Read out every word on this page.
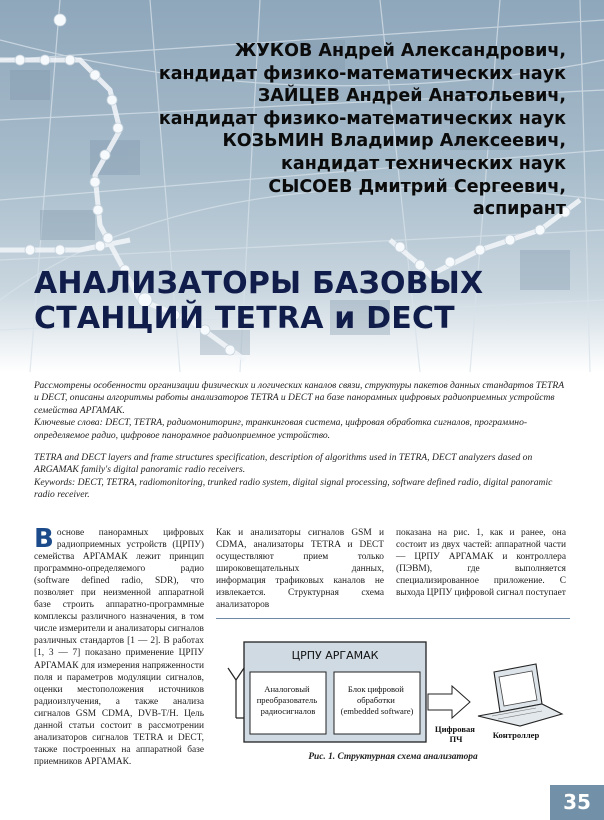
ЖУКОВ Андрей Александрович,
кандидат физико-математических наук
ЗАЙЦЕВ Андрей Анатольевич,
кандидат физико-математических наук
КОЗЬМИН Владимир Алексеевич,
кандидат технических наук
СЫСОЕВ Дмитрий Сергеевич,
аспирант
АНАЛИЗАТОРЫ БАЗОВЫХ
СТАНЦИЙ TETRA и DECT

Рассмотрены особенности организации физических и логических каналов связи, структуры пакетов данных стандартов TETRA и DECT, описаны алгоритмы работы анализаторов TETRA и DECT на базе панорамных цифровых радиоприемных устройств семейства АРГАМАК.

Ключевые слова: DECT, TETRA, радиомониторинг, транкинговая система, цифровая обработка сигналов, программно-определяемое радио, цифровое панорамное радиоприемное устройство.

TETRA and DECT layers and frame structures specification, description of algorithms used in TETRA, DECT analyzers dased on ARGAMAK family's digital panoramic radio receivers.

Keywords: DECT, TETRA, radiomonitoring, trunked radio system, digital signal processing, software defined radio, digital panoramic radio receiver.

Воснове панорамных цифровых радиоприемных устройств (ЦРПУ) семейства АРГАМАК лежит принцип программно-определяемого радио (software defined radio, SDR), что позволяет при неизменной аппаратной базе строить аппаратно-программные комплексы различного назначения, в том числе измерители и анализаторы сигналов различных стандартов [1 — 2]. В работах [1, 3 — 7] показано применение ЦРПУ АРГАМАК для измерения напряженности поля и параметров модуляции сигналов, оценки местоположения источников радиоизлучения, а также анализа сигналов GSM CDMA, DVB-T/H. Цель данной статьи состоит в рассмотрении анализаторов сигналов TETRA и DECT, также построенных на аппаратной базе приемников АРГАМАК.
Как и анализаторы сигналов GSM и CDMA, анализаторы TETRA и DECT осуществляют прием только широковещательных данных, информация трафиковых каналов не извлекается. Структурная схема анализаторов
показана на рис. 1, как и ранее, она состоит из двух частей: аппаратной части — ЦРПУ АРГАМАК и контроллера (ПЭВМ), где выполняется специализированное приложение. С выхода ЦРПУ цифровой сигнал поступает
ЦРПУ АРГАМАК
Аналоговый преобразователь радиосигналов
Блок цифровой обработки (embedded software)
Цифровая ПЧ	Контроллер
Рис. 1. Структурная схема анализатора
35
